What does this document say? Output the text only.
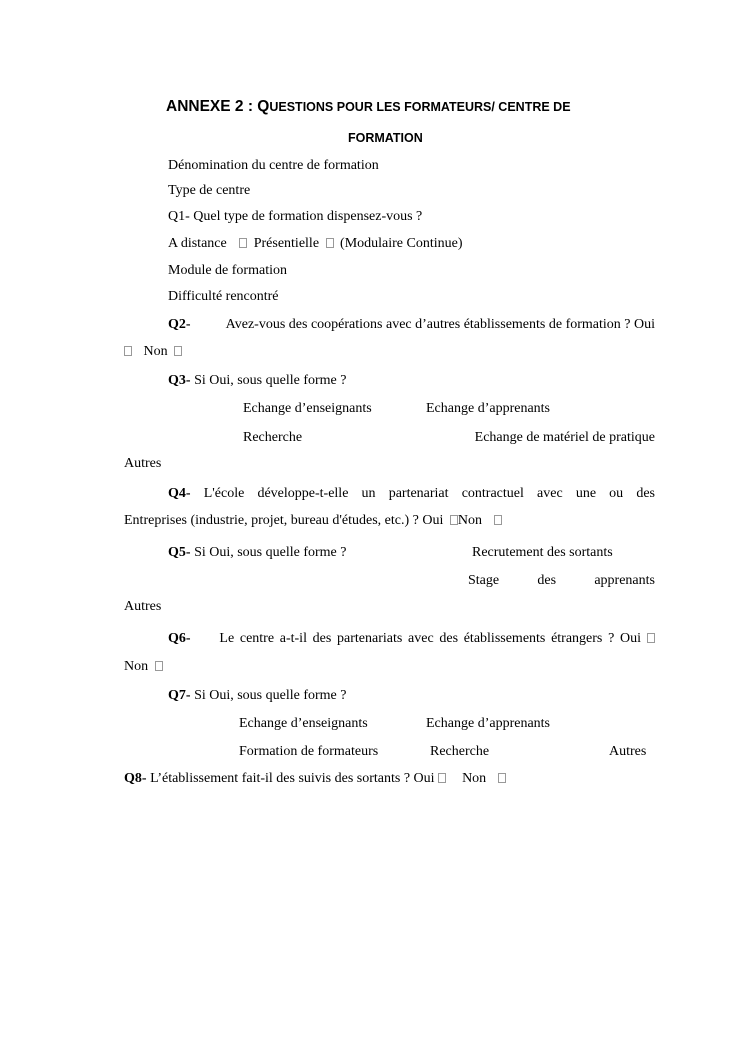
ANNEXE 2 : QUESTIONS POUR LES FORMATEURS/ CENTRE DE
FORMATION
Dénomination du centre de formation
Type de centre
Q1- Quel type de formation dispensez-vous ?
A distance Présentielle (Modulaire Continue)
Module de formation
Difficulté rencontré
Q2-	Avez-vous des coopérations avec d’autres établissements de formation ? Oui
Non
Q3- Si Oui, sous quelle forme ?
Echange d’enseignants	Echange d’apprenants
Recherche	Echange de matériel de pratique
Autres
Q4- L'école développe-t-elle un partenariat contractuel avec une ou des
Entreprises (industrie, projet, bureau d'études, etc.) ? Oui Non
Q5- Si Oui, sous quelle forme ?	Recrutement des sortants
Stage	des	apprenants
Autres
Q6- Le centre a-t-il des partenariats avec des établissements étrangers ? Oui
Non
Q7- Si Oui, sous quelle forme ?
Echange d’enseignants	Echange d’apprenants
Formation de formateurs	Recherche	Autres
Q8- L’établissement fait-il des suivis des sortants ? Oui Non
